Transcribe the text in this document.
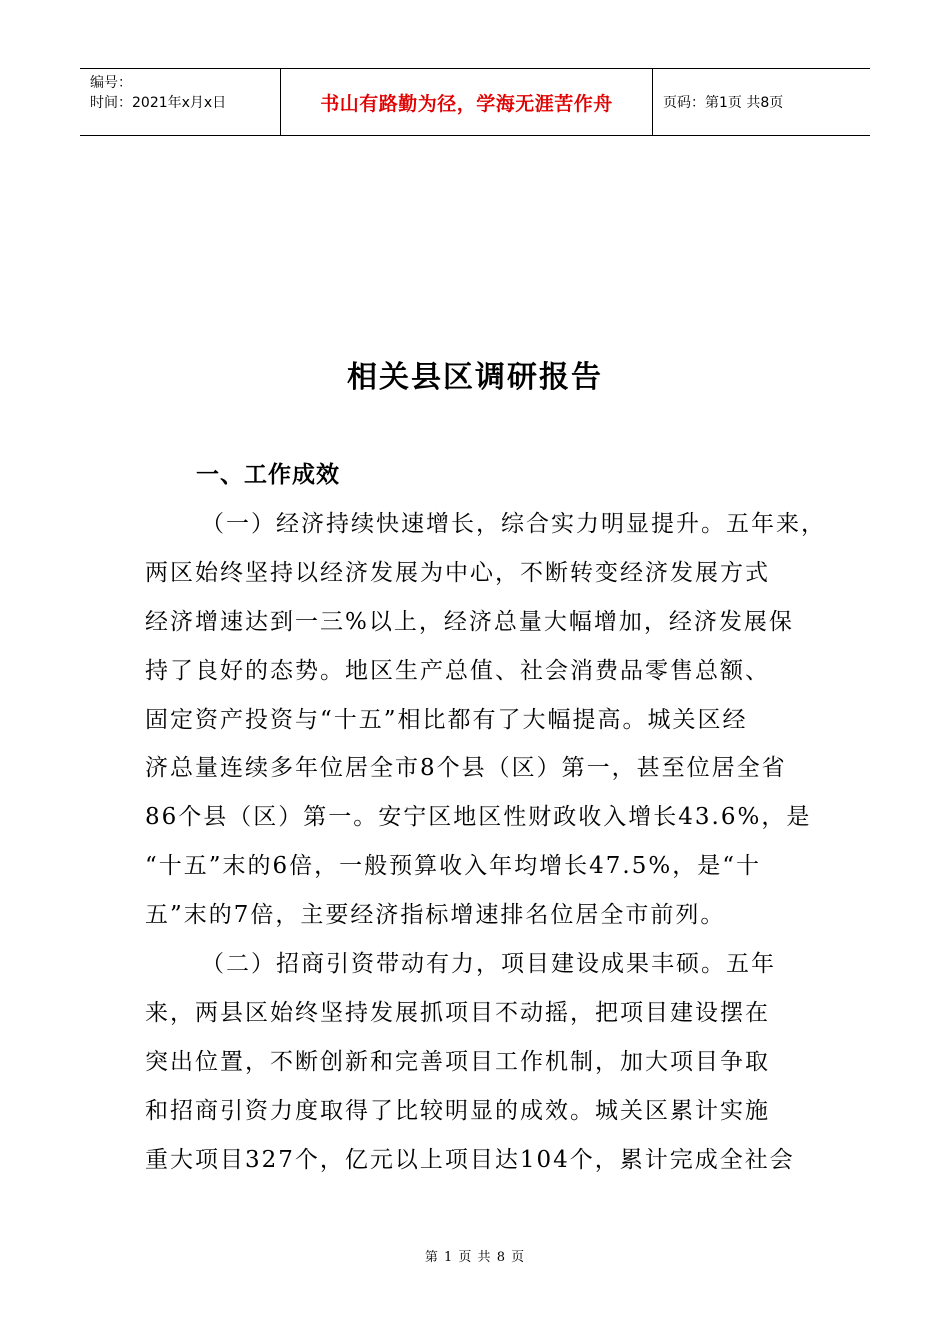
编号：
时间：2021年x月x日	书山有路勤为径，学海无涯苦作舟	页码：第1页 共8页
相关县区调研报告
一、工作成效
（一）经济持续快速增长，综合实力明显提升。五年来，
两区始终坚持以经济发展为中心，不断转变经济发展方式
经济增速达到一三%以上，经济总量大幅增加，经济发展保
持了良好的态势。地区生产总值、社会消费品零售总额、
固定资产投资与“十五”相比都有了大幅提高。城关区经
济总量连续多年位居全市8个县（区）第一，甚至位居全省
86个县（区）第一。安宁区地区性财政收入增长43.6%，是
“十五”末的6倍，一般预算收入年均增长47.5%，是“十
五”末的7倍，主要经济指标增速排名位居全市前列。
（二）招商引资带动有力，项目建设成果丰硕。五年
来，两县区始终坚持发展抓项目不动摇，把项目建设摆在
突出位置，不断创新和完善项目工作机制，加大项目争取
和招商引资力度取得了比较明显的成效。城关区累计实施
重大项目327个，亿元以上项目达104个，累计完成全社会
第 1 页 共 8 页
